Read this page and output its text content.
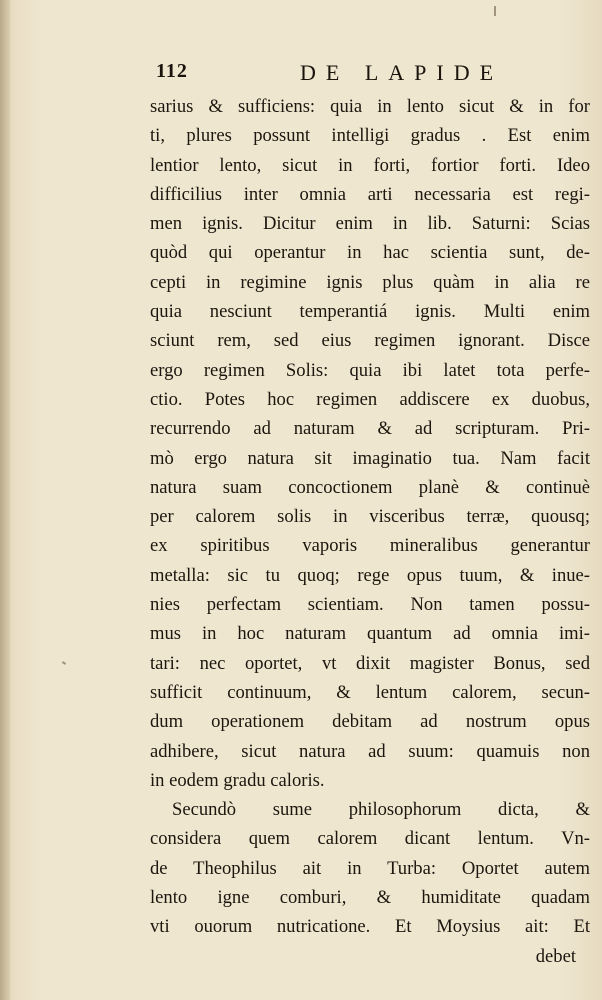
112	DE LAPIDE
sarius & sufficiens: quia in lento sicut & in for
ti, plures possunt intelligi gradus . Est enim
lentior lento, sicut in forti, fortior forti. Ideo
difficilius inter omnia arti necessaria est regi-
men ignis. Dicitur enim in lib. Saturni: Scias
quòd qui operantur in hac scientia sunt, de-
cepti in regimine ignis plus quàm in alia re
quia nesciunt temperantiá ignis. Multi enim
sciunt rem, sed eius regimen ignorant. Disce
ergo regimen Solis: quia ibi latet tota perfe-
ctio. Potes hoc regimen addiscere ex duobus,
recurrendo ad naturam & ad scripturam. Pri-
mò ergo natura sit imaginatio tua. Nam facit
natura suam concoctionem planè & continuè
per calorem solis in visceribus terræ, quousq;
ex spiritibus vaporis mineralibus generantur
metalla: sic tu quoq; rege opus tuum, & inue-
nies perfectam scientiam. Non tamen possu-
mus in hoc naturam quantum ad omnia imi-
tari: nec oportet, vt dixit magister Bonus, sed
sufficit continuum, & lentum calorem, secun-
dum operationem debitam ad nostrum opus
adhibere, sicut natura ad suum: quamuis non
in eodem gradu caloris.
Secundò sume philosophorum dicta, &
considera quem calorem dicant lentum. Vn-
de Theophilus ait in Turba: Oportet autem
lento igne comburi, & humiditate quadam
vti ouorum nutricatione. Et Moysius ait: Et
debet
